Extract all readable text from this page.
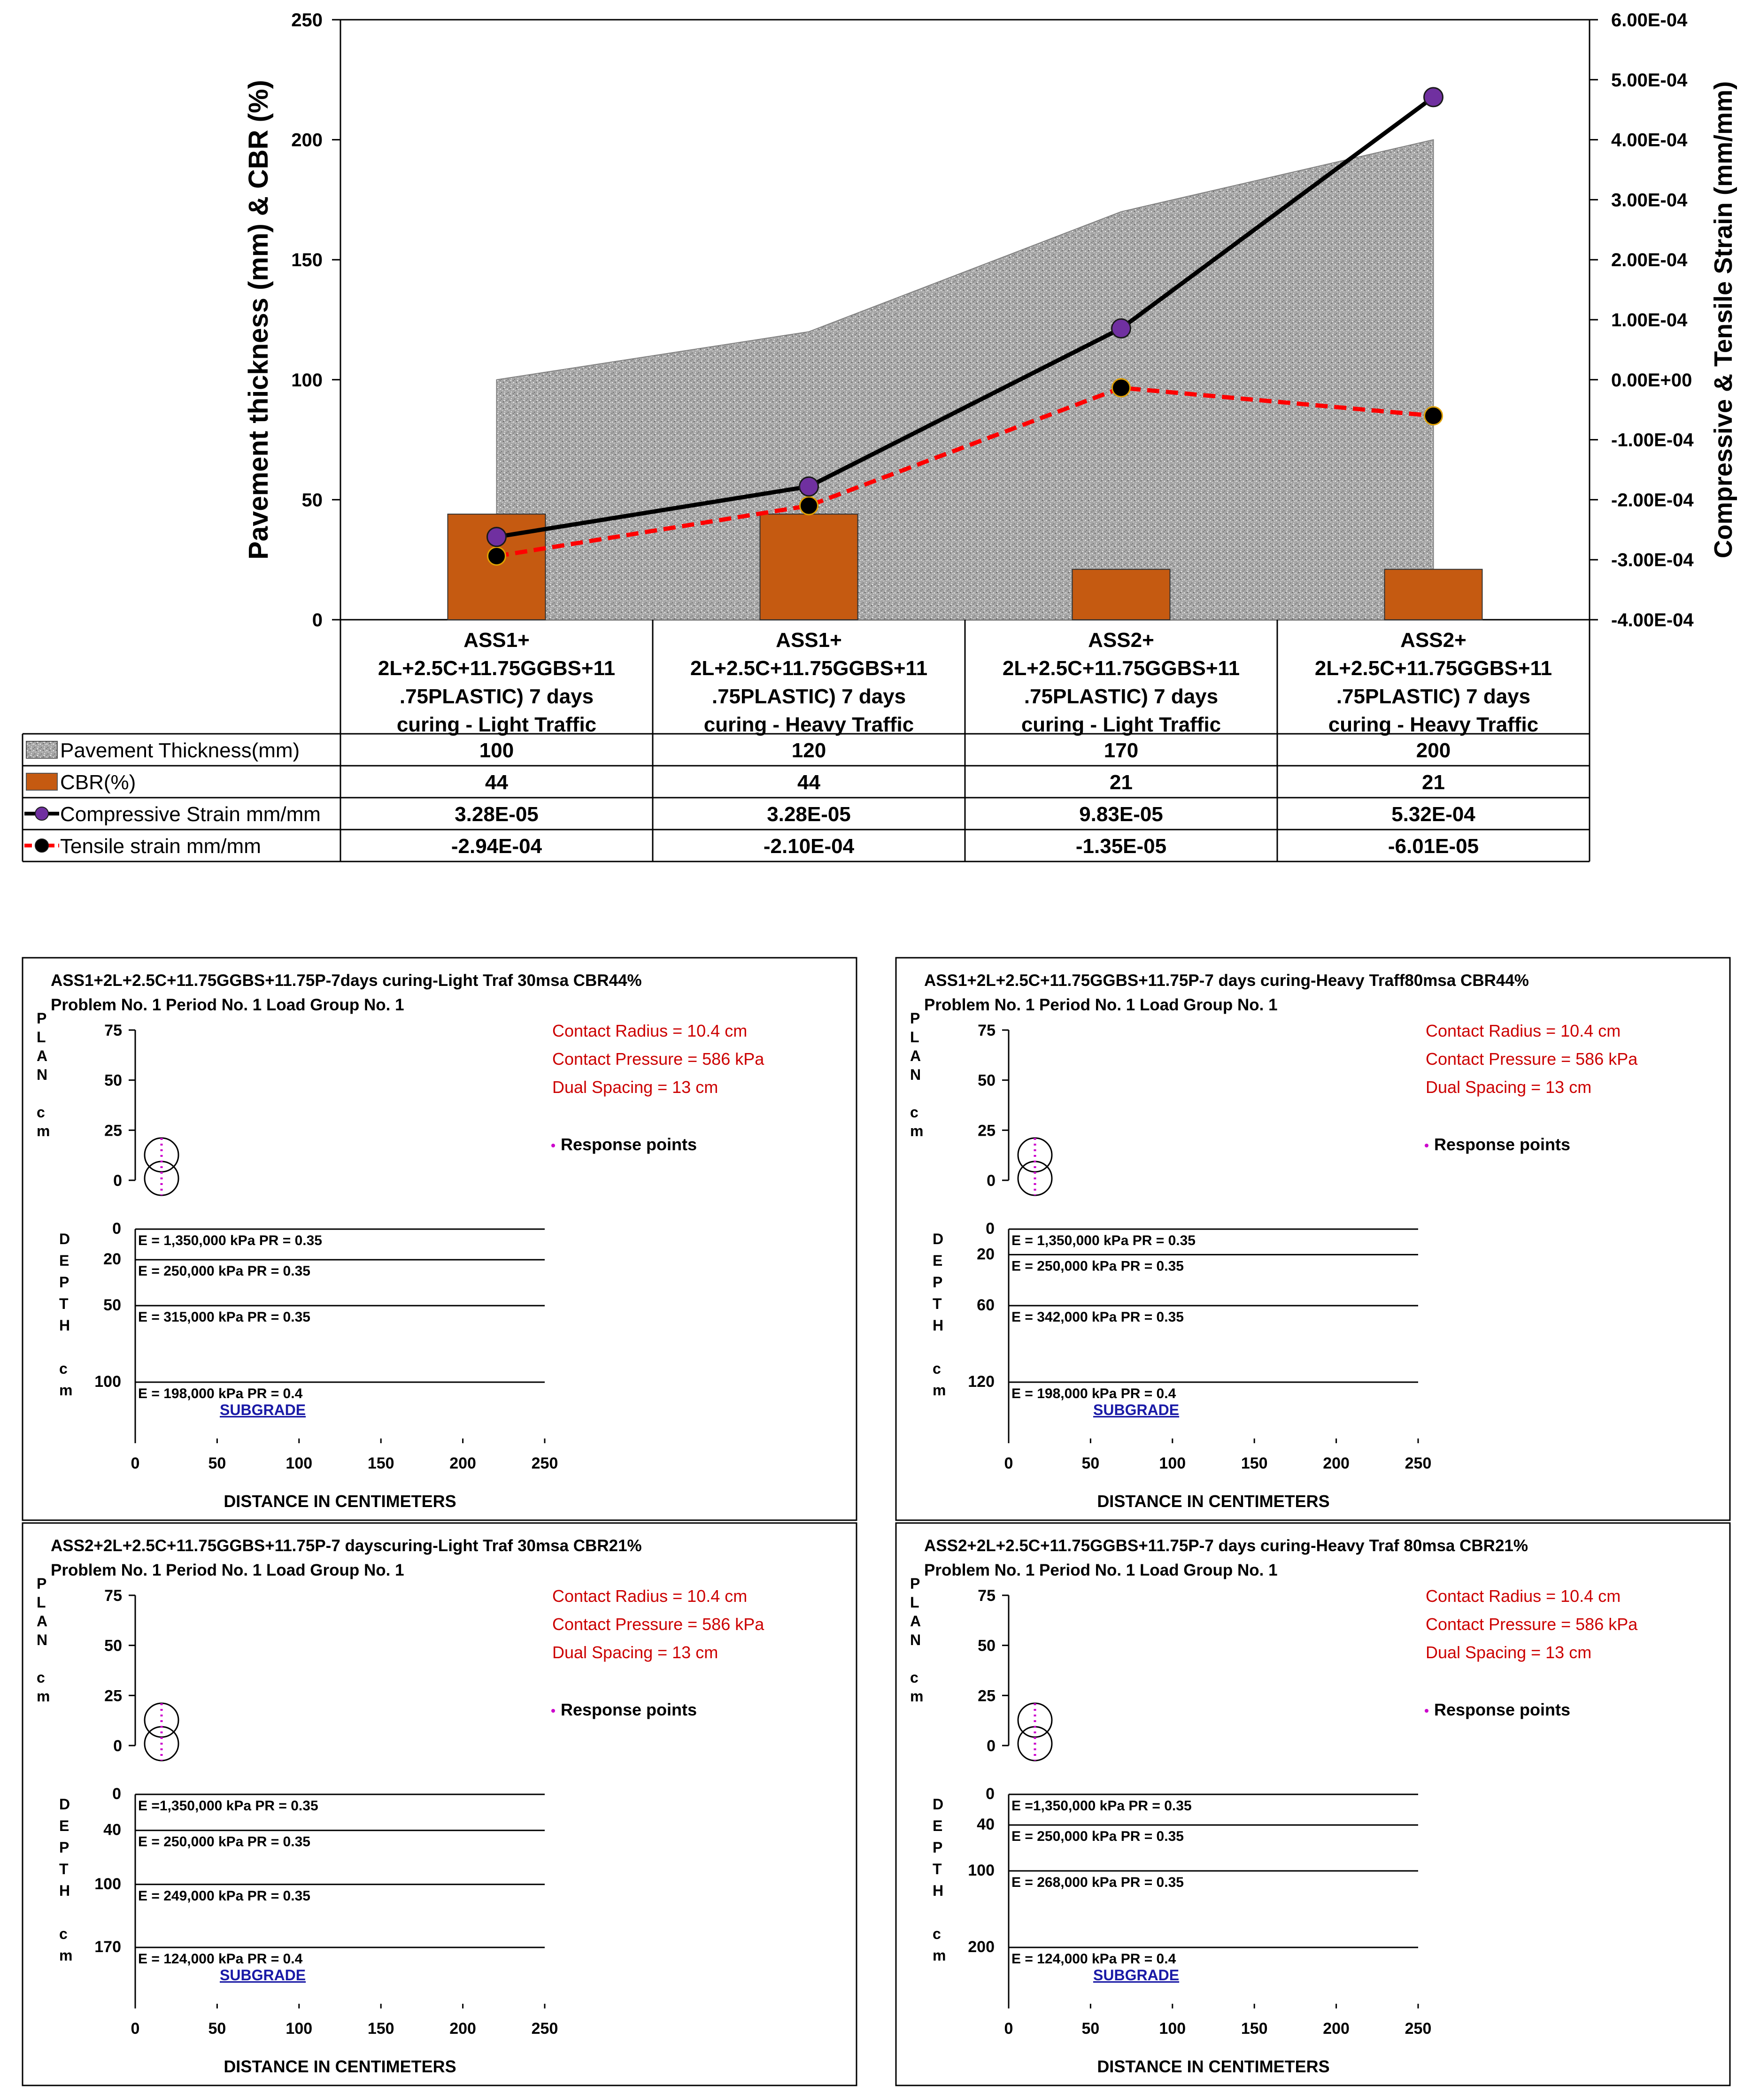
0
50
100
150
200
250
-4.00E-04
-3.00E-04
-2.00E-04
-1.00E-04
0.00E+00
1.00E-04
2.00E-04
3.00E-04
4.00E-04
5.00E-04
6.00E-04
Pavement thickness (mm) & CBR (%)	Compressive & Tensile Strain (mm/mm)
ASS1+
2L+2.5C+11.75GGBS+11
.75PLASTIC) 7 days
curing - Light Traffic
ASS1+
2L+2.5C+11.75GGBS+11
.75PLASTIC) 7 days
curing - Heavy Traffic
ASS2+
2L+2.5C+11.75GGBS+11
.75PLASTIC) 7 days
curing - Light Traffic
ASS2+
2L+2.5C+11.75GGBS+11
.75PLASTIC) 7 days
curing - Heavy Traffic
Pavement Thickness(mm)	100	120	170	200
CBR(%)	44	44	21	21
Compressive Strain mm/mm	3.28E-05	3.28E-05	9.83E-05	5.32E-04
Tensile strain mm/mm	-2.94E-04	-2.10E-04	-1.35E-05	-6.01E-05
ASS1+2L+2.5C+11.75GGBS+11.75P-7days curing-Light Traf 30msa CBR44%
Problem No. 1 Period No. 1 Load Group No. 1
P
L
A
N
c
m
D
E
P
T
H
c
m
75
50
25
0
Contact Radius = 10.4 cm
Contact Pressure = 586 kPa
Dual Spacing = 13 cm
Response points
0
E = 1,350,000 kPa PR = 0.35
20
E = 250,000 kPa PR = 0.35
50
E = 315,000 kPa PR = 0.35
100
E = 198,000 kPa PR = 0.4
SUBGRADE
0	50	100	150	200	250
DISTANCE IN CENTIMETERS
ASS1+2L+2.5C+11.75GGBS+11.75P-7 days curing-Heavy Traff80msa CBR44%
Problem No. 1 Period No. 1 Load Group No. 1
P
L
A
N
c
m
D
E
P
T
H
c
m
75
50
25
0
Contact Radius = 10.4 cm
Contact Pressure = 586 kPa
Dual Spacing = 13 cm
Response points
0
E = 1,350,000 kPa PR = 0.35
20
E = 250,000 kPa PR = 0.35
60
E = 342,000 kPa PR = 0.35
120
E = 198,000 kPa PR = 0.4
SUBGRADE
0	50	100	150	200	250
DISTANCE IN CENTIMETERS
ASS2+2L+2.5C+11.75GGBS+11.75P-7 dayscuring-Light Traf 30msa CBR21%
Problem No. 1 Period No. 1 Load Group No. 1
P
L
A
N
c
m
D
E
P
T
H
c
m
75
50
25
0
Contact Radius = 10.4 cm
Contact Pressure = 586 kPa
Dual Spacing = 13 cm
Response points
0
E =1,350,000 kPa PR = 0.35
40
E = 250,000 kPa PR = 0.35
100
E = 249,000 kPa PR = 0.35
170
E = 124,000 kPa PR = 0.4
SUBGRADE
0	50	100	150	200	250
DISTANCE IN CENTIMETERS
ASS2+2L+2.5C+11.75GGBS+11.75P-7 days curing-Heavy Traf 80msa CBR21%
Problem No. 1 Period No. 1 Load Group No. 1
P
L
A
N
c
m
D
E
P
T
H
c
m
75
50
25
0
Contact Radius = 10.4 cm
Contact Pressure = 586 kPa
Dual Spacing = 13 cm
Response points
0
E =1,350,000 kPa PR = 0.35
40
E = 250,000 kPa PR = 0.35
100
E = 268,000 kPa PR = 0.35
200
E = 124,000 kPa PR = 0.4
SUBGRADE
0	50	100	150	200	250
DISTANCE IN CENTIMETERS
